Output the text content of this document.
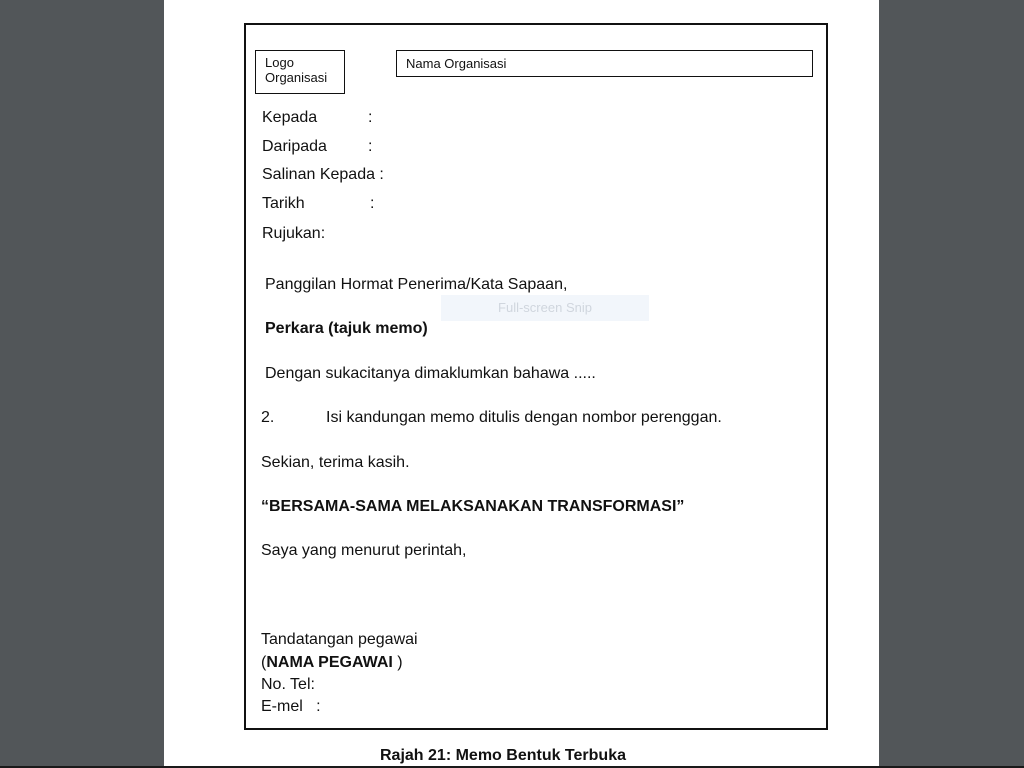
Logo
Organisasi
Nama Organisasi
Kepada	:
Daripada	:
Salinan Kepada :
Tarikh	:
Rujukan:
Panggilan Hormat Penerima/Kata Sapaan,
Perkara (tajuk memo)
Dengan sukacitanya dimaklumkan bahawa .....
2.	Isi kandungan memo ditulis dengan nombor perenggan.
Sekian, terima kasih.
“BERSAMA-SAMA MELAKSANAKAN TRANSFORMASI”
Saya yang menurut perintah,
Tandatangan pegawai
(NAMA PEGAWAI )
No. Tel:
E-mel   :
Rajah 21: Memo Bentuk Terbuka
Full-screen Snip
